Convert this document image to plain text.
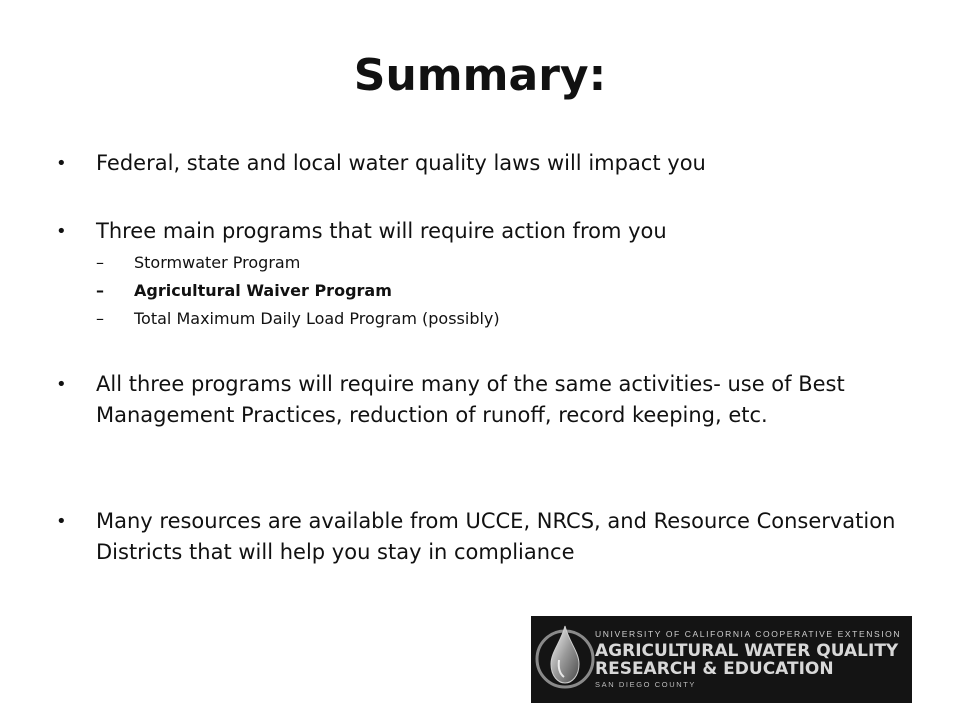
Summary:
• Federal, state and local water quality laws will impact you
• Three main programs that will require action from you
– Stormwater Program
– Agricultural Waiver Program
– Total Maximum Daily Load Program (possibly)
• All three programs will require many of the same activities- use of Best Management Practices, reduction of runoff, record keeping, etc.
• Many resources are available from UCCE, NRCS, and Resource Conservation Districts that will help you stay in compliance
UNIVERSITY OF CALIFORNIA COOPERATIVE EXTENSION
AGRICULTURAL WATER QUALITY
RESEARCH & EDUCATION
SAN DIEGO COUNTY
